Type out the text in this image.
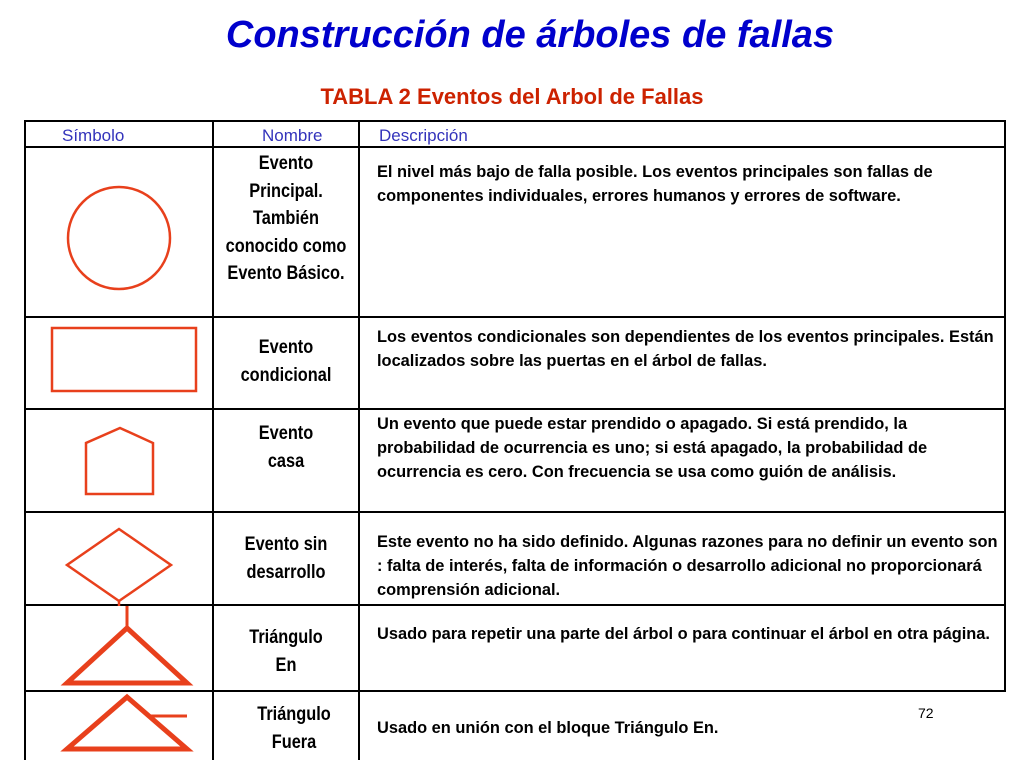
Construcción de árboles de fallas
TABLA 2 Eventos del Arbol de Fallas
Símbolo	Nombre	Descripción
Evento Principal. También conocido como Evento Básico.
Evento condicional
Evento casa
Evento sin desarrollo
Triángulo En
Triángulo Fuera
El nivel más bajo de falla posible. Los eventos principales son fallas de componentes individuales, errores humanos y errores de software.
Los eventos condicionales son dependientes de los eventos principales. Están localizados sobre las puertas en el árbol de fallas.
Un evento que puede estar prendido o apagado. Si está prendido, la probabilidad de ocurrencia es uno; si está apagado, la probabilidad de ocurrencia es cero. Con frecuencia se usa como guión de análisis.
Este evento no ha sido definido. Algunas razones para no definir un evento son : falta de interés, falta de información o desarrollo adicional no proporcionará comprensión adicional.
Usado para repetir una parte del árbol o para continuar el árbol en otra página.
Usado en unión con el bloque Triángulo En.
72
